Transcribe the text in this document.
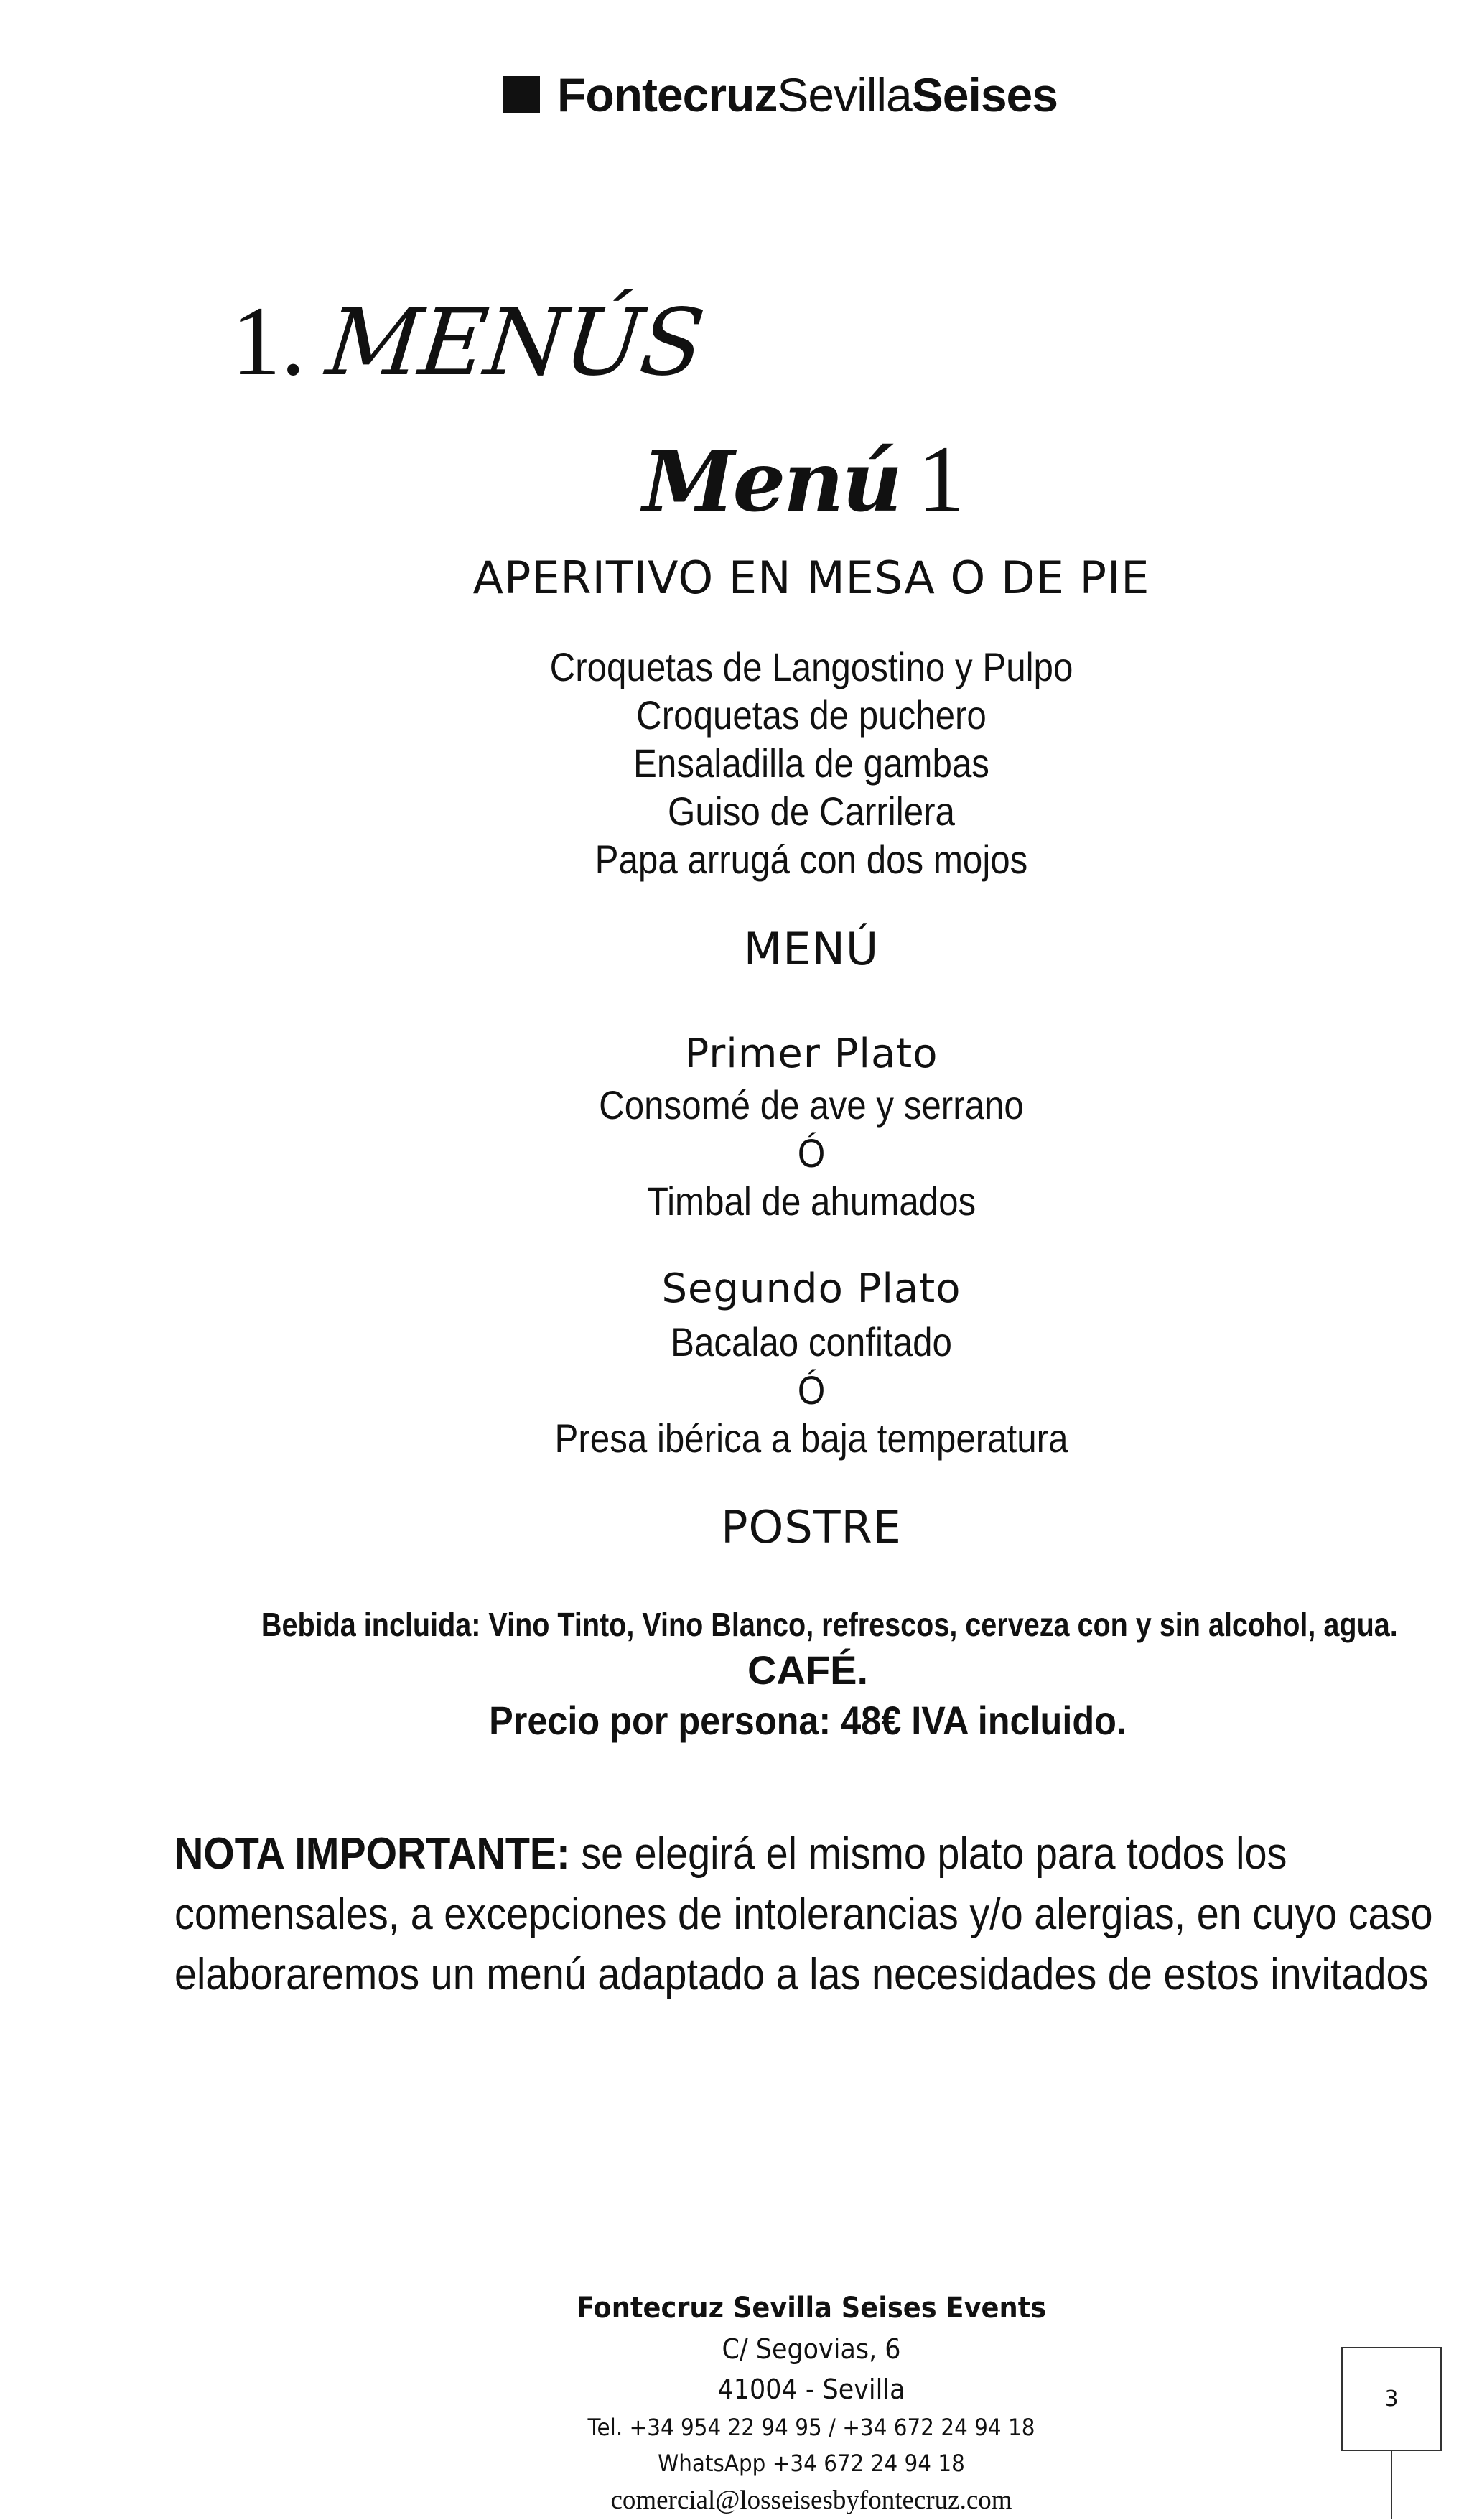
Fontecruz Sevilla Seises
1. MENÚS
Menú 1
APERITIVO EN MESA O DE PIE
Croquetas de Langostino y Pulpo
Croquetas de puchero
Ensaladilla de gambas
Guiso de Carrilera
Papa arrugá con dos mojos
MENÚ
Primer Plato
Consomé de ave y serrano
Ó
Timbal de ahumados
Segundo Plato
Bacalao confitado
Ó
Presa ibérica a baja temperatura
POSTRE
Bebida incluida: Vino Tinto, Vino Blanco, refrescos, cerveza con y sin alcohol, agua.
CAFÉ.
Precio por persona: 48€ IVA incluido.
NOTA IMPORTANTE: se elegirá el mismo plato para todos los
comensales, a excepciones de intolerancias y/o alergias, en cuyo caso
elaboraremos un menú adaptado a las necesidades de estos invitados
Fontecruz Sevilla Seises Events
C/ Segovias, 6
41004 - Sevilla
Tel. +34 954 22 94 95 / +34 672 24 94 18
WhatsApp +34 672 24 94 18
comercial@losseisesbyfontecruz.com
3
